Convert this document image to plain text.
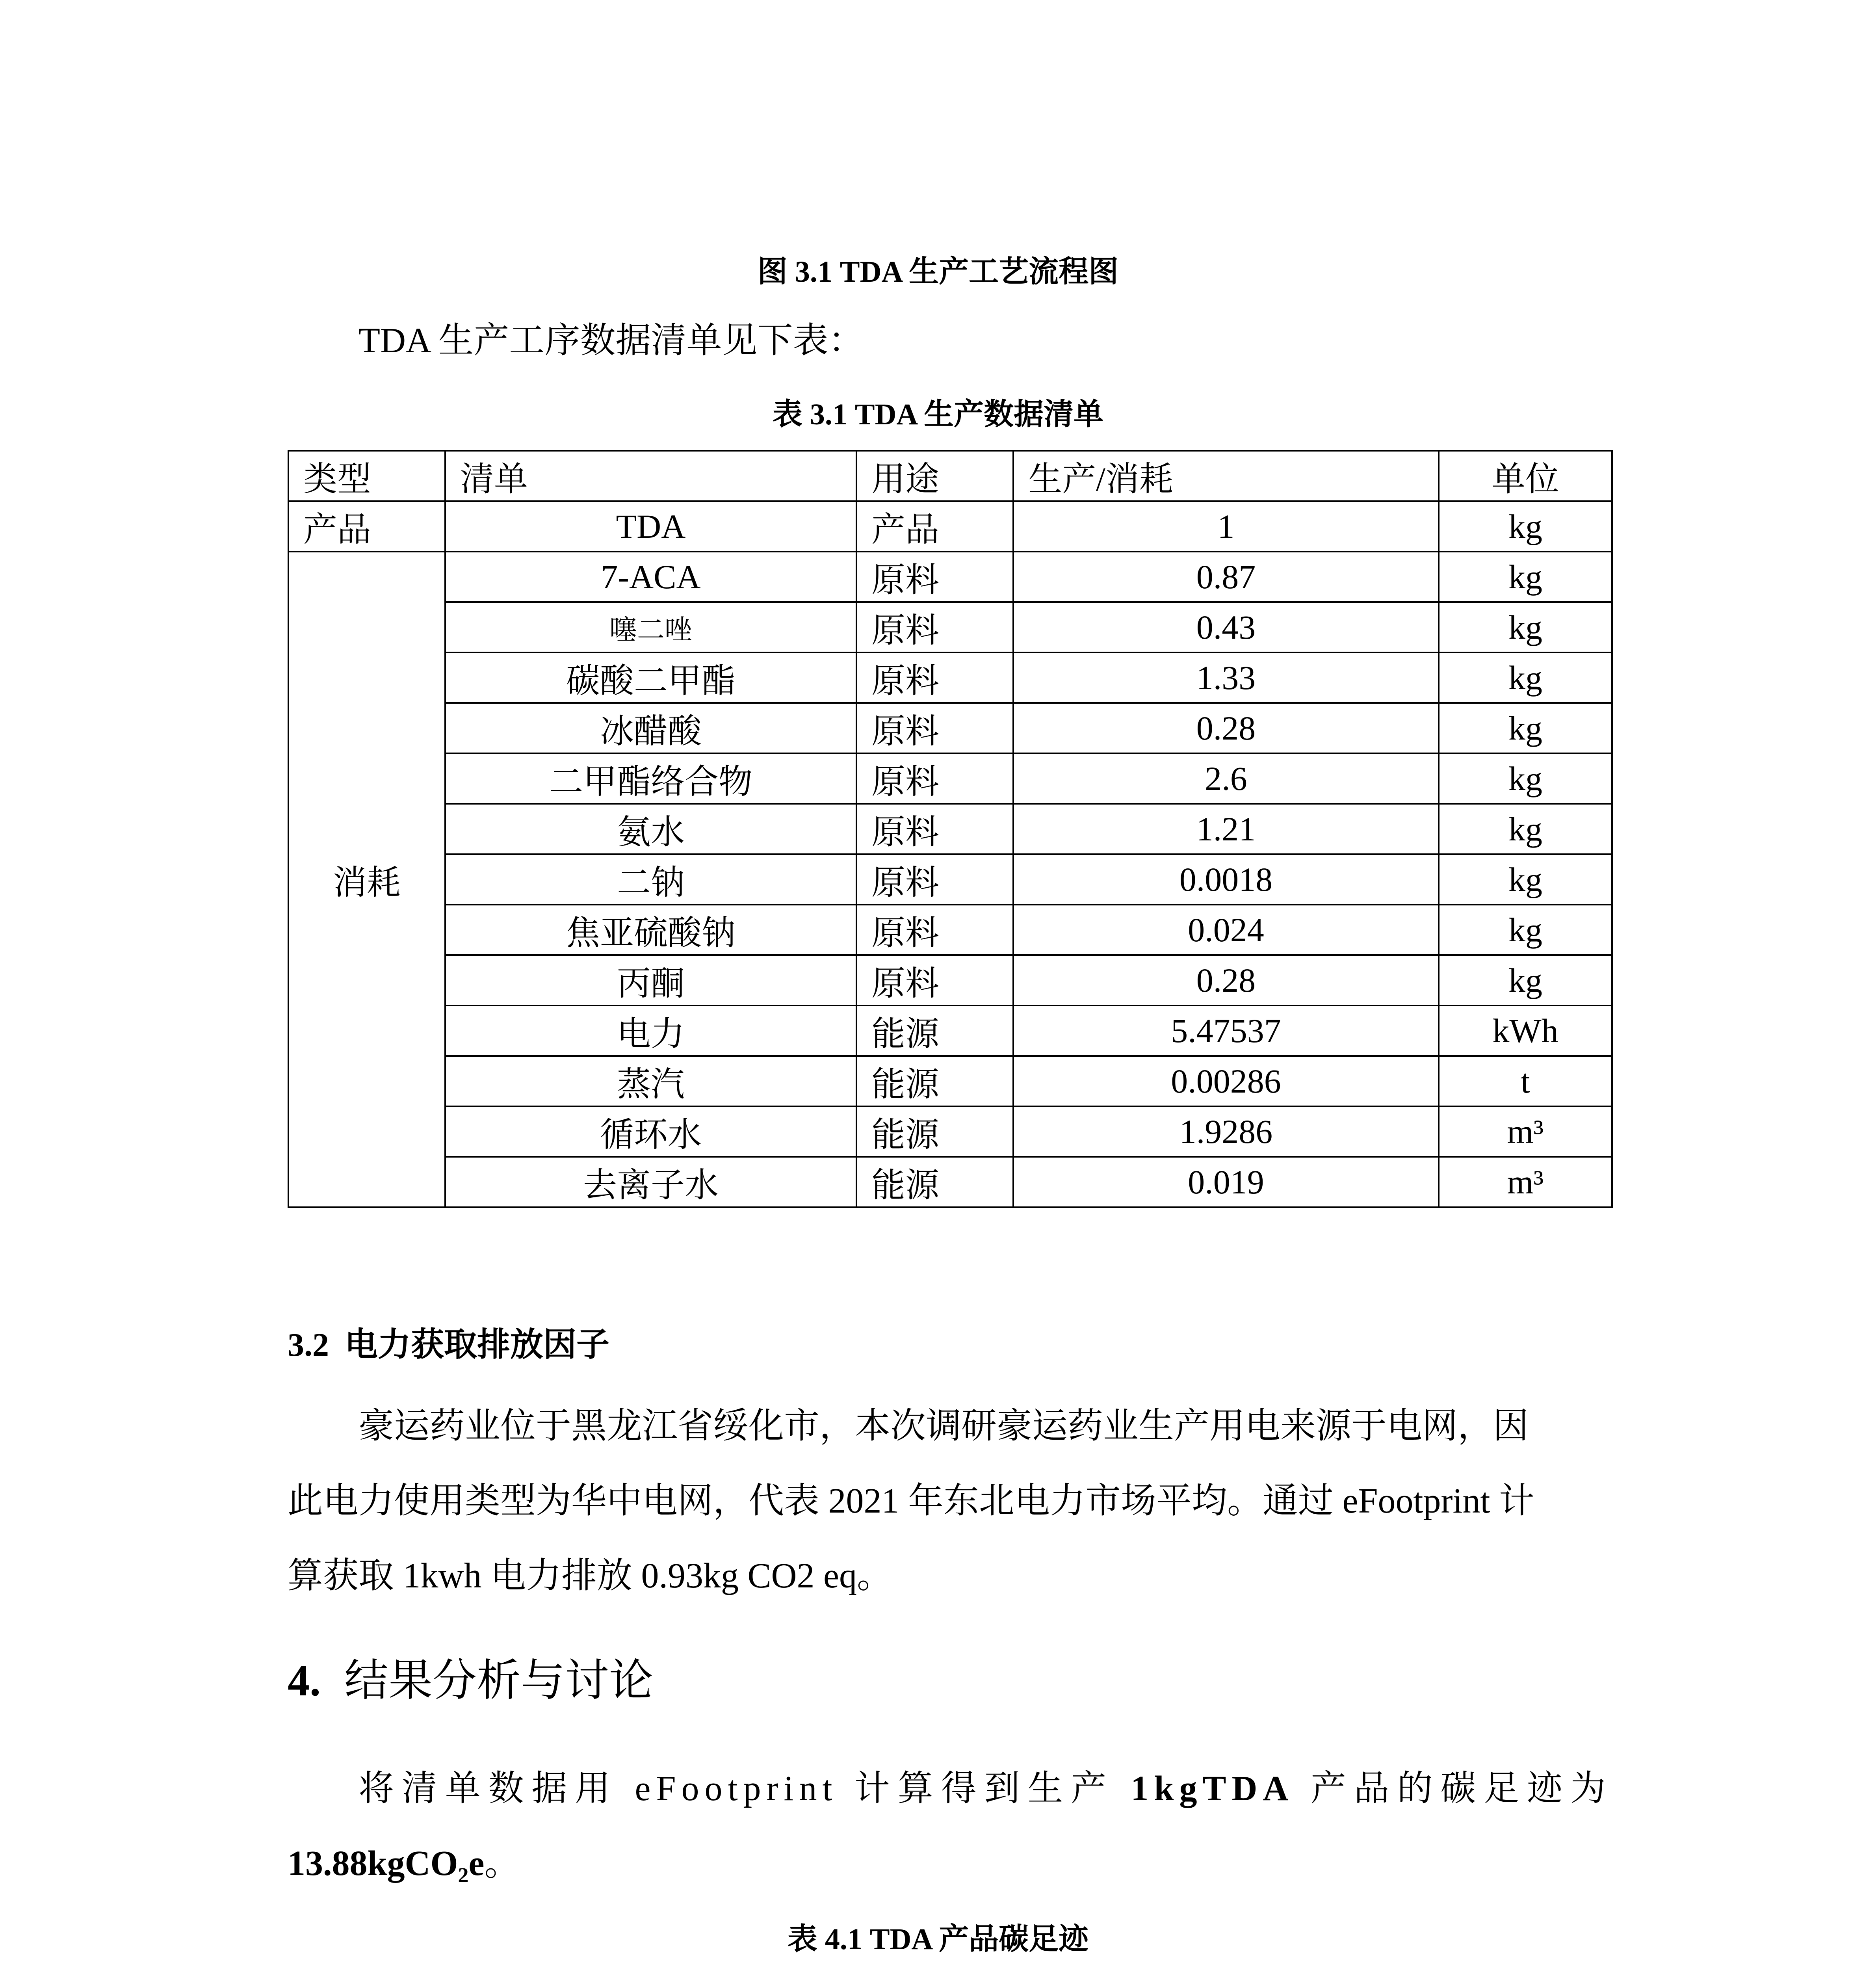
图 3.1 TDA 生产工艺流程图
TDA 生产工序数据清单见下表：
表 3.1 TDA 生产数据清单
类型	清单	用途	生产/消耗	单位
产品	TDA	产品	1	kg
消耗	7-ACA	原料	0.87	kg
	噻二唑	原料	0.43	kg
	碳酸二甲酯	原料	1.33	kg
	冰醋酸	原料	0.28	kg
	二甲酯络合物	原料	2.6	kg
	氨水	原料	1.21	kg
	二钠	原料	0.0018	kg
	焦亚硫酸钠	原料	0.024	kg
	丙酮	原料	0.28	kg
	电力	能源	5.47537	kWh
	蒸汽	能源	0.00286	t
	循环水	能源	1.9286	m³
	去离子水	能源	0.019	m³
3.2 电力获取排放因子
豪运药业位于黑龙江省绥化市，本次调研豪运药业生产用电来源于电网，因
此电力使用类型为华中电网，代表 2021 年东北电力市场平均。通过 eFootprint 计
算获取 1kwh 电力排放 0.93kg CO2 eq。
4. 结果分析与讨论
将清单数据用 eFootprint 计算得到生产 1kgTDA 产品的碳足迹为
13.88kgCO₂e。
表 4.1 TDA 产品碳足迹
